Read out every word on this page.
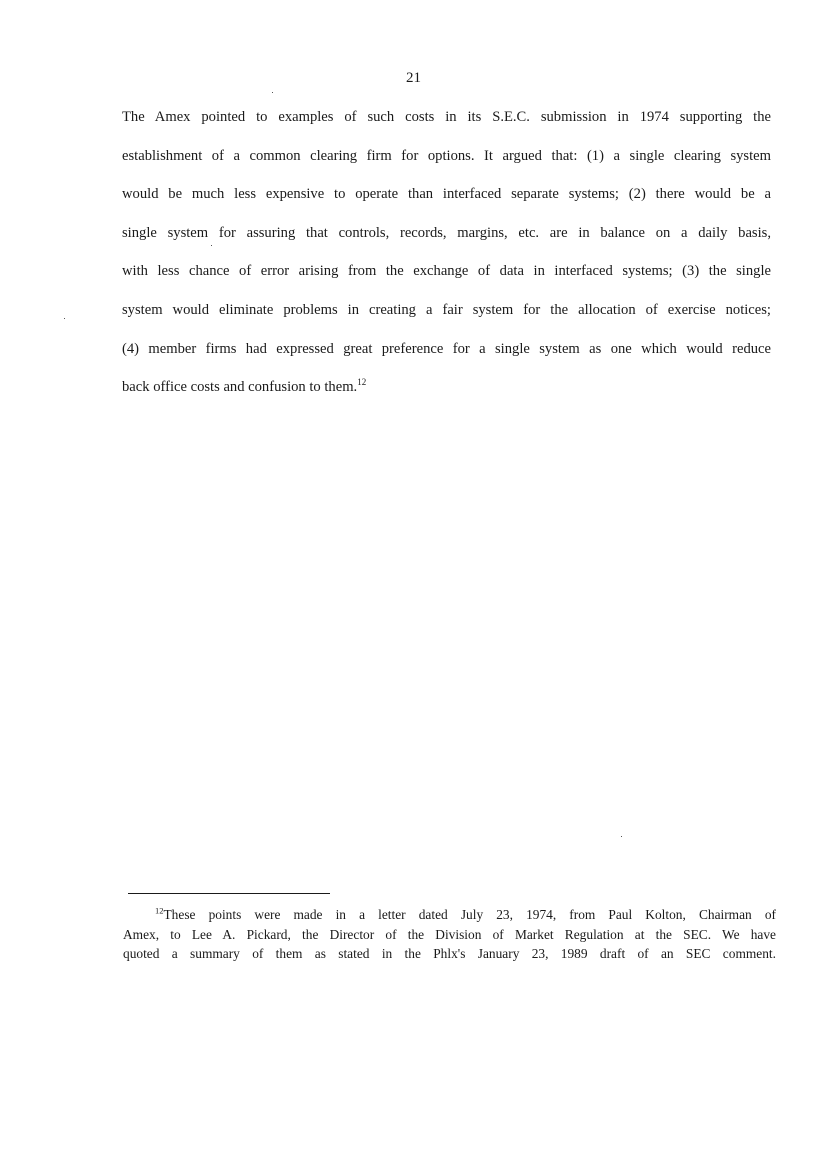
21

The Amex pointed to examples of such costs in its S.E.C. submission in 1974 supporting the
establishment of a common clearing firm for options. It argued that: (1) a single clearing system
would be much less expensive to operate than interfaced separate systems; (2) there would be a
single system for assuring that controls, records, margins, etc. are in balance on a daily basis,
with less chance of error arising from the exchange of data in interfaced systems; (3) the single
system would eliminate problems in creating a fair system for the allocation of exercise notices;
(4) member firms had expressed great preference for a single system as one which would reduce
back office costs and confusion to them.$^{12}$

$^{12}$These points were made in a letter dated July 23, 1974, from Paul Kolton, Chairman of
Amex, to Lee A. Pickard, the Director of the Division of Market Regulation at the SEC. We have
quoted a summary of them as stated in the Phlx's January 23, 1989 draft of an SEC comment.
